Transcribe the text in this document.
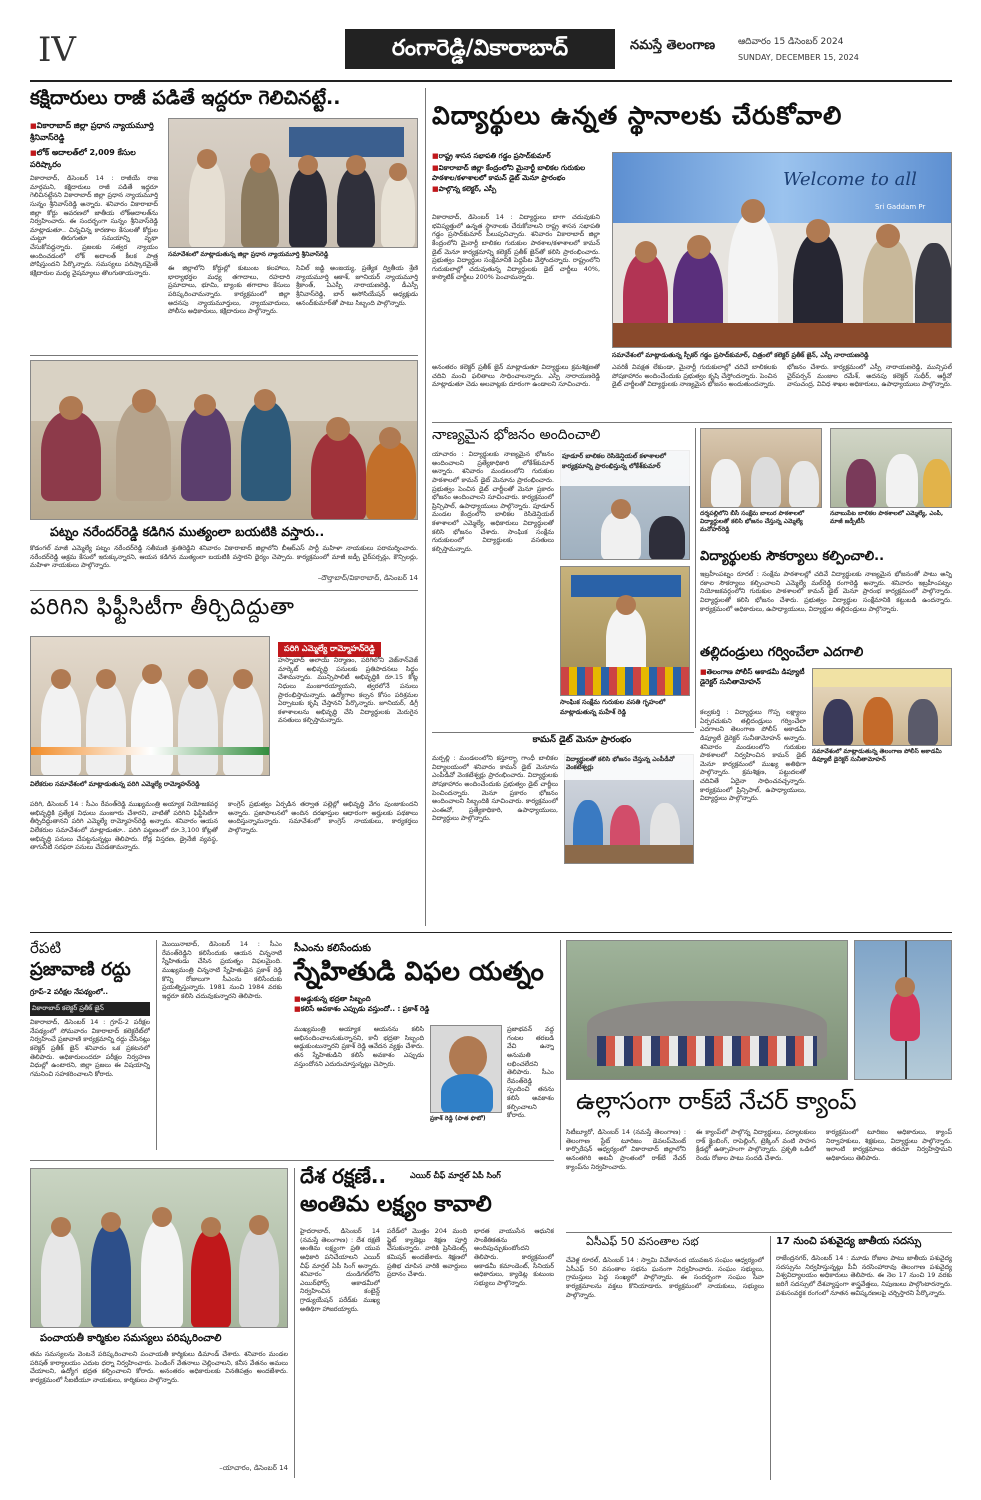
IV	రంగారెడ్డి/వికారాబాద్	నమస్తే తెలంగాణ	ఆదివారం 15 డిసెంబర్ 2024
SUNDAY, DECEMBER 15, 2024
కక్షిదారులు రాజీ పడితే ఇద్దరూ గెలిచినట్టే..
■ వికారాబాద్ జిల్లా ప్రధాన న్యాయమూర్తి శ్రీనివాస్‌రెడ్డి
■ లోక్ అదాలత్‌లో 2,009 కేసుల పరిష్కారం
సమావేశంలో మాట్లాడుతున్న జిల్లా ప్రధాన న్యాయమూర్తి శ్రీనివాస్‌రెడ్డి
వికారాబాద్, డిసెంబర్ 14 : రాజీయే రాజ మార్గమని, కక్షిదారులు రాజీ పడితే ఇద్దరూ గెలిచినట్టేనని వికారాబాద్ జిల్లా ప్రధాన న్యాయమూర్తి సున్నం శ్రీనివాస్‌రెడ్డి అన్నారు. శనివారం వికారాబాద్ జిల్లా కోర్టు ఆవరణలో జాతీయ లోక్‌అదాలత్‌ను నిర్వహించారు. ఈ సందర్భంగా సున్నం శ్రీనివాస్‌రెడ్డి మాట్లాడుతూ.. చిన్నచిన్న కారణాల కేసులతో కోర్టుల చుట్టూ తిరుగుతూ సమయాన్ని వృథా చేసుకోవద్దన్నారు. ప్రజలకు సత్వర న్యాయం అందించడంలో లోక్ అదాలత్ కీలక పాత్ర పోషిస్తుందని పేర్కొన్నారు. సమస్యలు పరిష్కారమైతే కక్షిదారుల మధ్య వైషమ్యాలు తొలగుతాయన్నారు.
ఈ జిల్లాలోని కోర్టుల్లో కుటుంబ కలహాలు, భార్యాభర్తల మధ్య తగాదాలు, రహదారి ప్రమాదాలు, భూమి, బ్యాంకు తగాదాల కేసులు పరిష్కరించామన్నారు. కార్యక్రమంలో జిల్లా అదనపు న్యాయమూర్తులు, న్యాయవాదులు, పోలీసు అధికారులు, కక్షిదారులు పాల్గొన్నారు.
సివిల్ జడ్జి అంజయ్య, ప్రత్యేక ద్వితీయ శ్రేణి న్యాయమూర్తి ఆకాశ్, జూనియర్ న్యాయమూర్తి శ్రీకాంత్, ఏఎస్పీ నారాయణరెడ్డి, డీఎస్పీ శ్రీనివాస్‌రెడ్డి, బార్ అసోసియేషన్ అధ్యక్షుడు ఆనంద్‌కుమార్‌తో పాటు సిబ్బంది పాల్గొన్నారు.
పట్నం నరేందర్‌రెడ్డి కడిగిన ముత్యంలా బయటికి వస్తారు..
కొడంగల్ మాజీ ఎమ్మెల్యే పట్నం నరేందర్‌రెడ్డి సతీమణి శ్రుతిరెడ్డిని శనివారం వికారాబాద్ జిల్లాలోని బీఆర్‌ఎస్ పార్టీ మహిళా నాయకులు పరామర్శించారు. నరేందర్‌రెడ్డి అక్రమ కేసులో ఇరుక్కున్నారని, ఆయన కడిగిన ముత్యంలా బయటికి వస్తారని ధైర్యం చెప్పారు. కార్యక్రమంలో మాజీ జడ్పీ చైర్‌పర్సన్లు, కౌన్సిలర్లు, మహిళా నాయకులు పాల్గొన్నారు.
–దౌల్తాబాద్/వికారాబాద్, డిసెంబర్ 14
పరిగిని ఫిఫ్టీసిటీగా తీర్చిదిద్దుతా
విలేకరుల సమావేశంలో మాట్లాడుతున్న పరిగి ఎమ్మెల్యే రామ్మోహన్‌రెడ్డి
పరిగి ఎమ్మెల్యే రామ్మోహన్‌రెడ్డి
హస్నాబాద్ అలాయ్ నిర్మాణం, పరిగిలోని వెజ్‌నాన్‌వెజ్ మార్కెట్ అభివృద్ధి పనులకు ప్రతిపాదనలు సిద్ధం చేశామన్నారు. మున్సిపాలిటీ అభివృద్ధికి రూ.15 కోట్ల నిధులు మంజూరయ్యాయని, త్వరలోనే పనులు ప్రారంభిస్తామన్నారు. ఉద్యోగాల కల్పన కోసం పరిశ్రమల ఏర్పాటుకు కృషి చేస్తానని పేర్కొన్నారు. జూనియర్, డిగ్రీ కళాశాలలను అభివృద్ధి చేసి విద్యార్థులకు మెరుగైన వసతులు కల్పిస్తామన్నారు.
పరిగి, డిసెంబర్ 14 : సీఎం రేవంత్‌రెడ్డి ముఖ్యమంత్రి అయ్యాక నియోజకవర్గ అభివృద్ధికి ప్రత్యేక నిధులు మంజూరు చేశారని, వాటితో పరిగిని ఫిఫ్టీసిటీగా తీర్చిదిద్దుతానని పరిగి ఎమ్మెల్యే రామ్మోహన్‌రెడ్డి అన్నారు. శనివారం ఆయన విలేకరుల సమావేశంలో మాట్లాడుతూ.. పరిగి పట్టణంలో రూ.3,100 కోట్లతో అభివృద్ధి పనులు చేపట్టనున్నట్లు తెలిపారు. రోడ్ల విస్తరణ, డ్రైనేజీ వ్యవస్థ, తాగునీటి సరఫరా పనులు చేపడతామన్నారు.
కాంగ్రెస్ ప్రభుత్వం ఏర్పడిన తర్వాత పల్లెల్లో అభివృద్ధి వేగం పుంజుకుందని అన్నారు. ప్రజాపాలనలో అందిన దరఖాస్తుల ఆధారంగా అర్హులకు పథకాలు అందిస్తున్నామన్నారు. సమావేశంలో కాంగ్రెస్ నాయకులు, కార్యకర్తలు పాల్గొన్నారు.
విద్యార్థులు ఉన్నత స్థానాలకు చేరుకోవాలి
■ రాష్ట్ర శాసన సభాపతి గడ్డం ప్రసాద్‌కుమార్
■ వికారాబాద్ జిల్లా కేంద్రంలోని మైనార్టీ బాలికల గురుకుల పాఠశాల/కళాశాలలో కామన్ డైట్ మెనూ ప్రారంభం
■ పాల్గొన్న కలెక్టర్, ఎస్పీ	Welcome to all
Sri Gaddam Pr
సమావేశంలో మాట్లాడుతున్న స్పీకర్ గడ్డం ప్రసాద్‌కుమార్, చిత్రంలో కలెక్టర్ ప్రతీక్ జైన్, ఎస్పీ నారాయణరెడ్డి
వికారాబాద్, డిసెంబర్ 14 : విద్యార్థులు బాగా చదువుకుని భవిష్యత్తులో ఉన్నత స్థానాలకు చేరుకోవాలని రాష్ట్ర శాసన సభాపతి గడ్డం ప్రసాద్‌కుమార్ పిలుపునిచ్చారు. శనివారం వికారాబాద్ జిల్లా కేంద్రంలోని మైనార్టీ బాలికల గురుకుల పాఠశాల/కళాశాలలో కామన్ డైట్ మెనూ కార్యక్రమాన్ని కలెక్టర్ ప్రతీక్ జైన్‌తో కలిసి ప్రారంభించారు. ప్రభుత్వం విద్యార్థుల సంక్షేమానికి పెద్దపీట వేస్తోందన్నారు. రాష్ట్రంలోని గురుకులాల్లో చదువుతున్న విద్యార్థులకు డైట్ చార్జీలు 40%, కాస్మొటిక్ చార్జీలు 200% పెంచామన్నారు.
అనంతరం కలెక్టర్ ప్రతీక్ జైన్ మాట్లాడుతూ విద్యార్థులు క్రమశిక్షణతో చదివి మంచి ఫలితాలు సాధించాలన్నారు. ఎస్పీ నారాయణరెడ్డి మాట్లాడుతూ చెడు అలవాట్లకు దూరంగా ఉండాలని సూచించారు.
ఎవరికీ వివక్షత లేకుండా, మైనార్టీ గురుకులాల్లో చదివే బాలికలకు పోషకాహారం అందించేందుకు ప్రభుత్వం కృషి చేస్తోందన్నారు. పెంచిన డైట్ చార్జీలతో విద్యార్థులకు నాణ్యమైన భోజనం అందుతుందన్నారు.
భోజనం చేశారు. కార్యక్రమంలో ఎస్పీ నారాయణరెడ్డి, మున్సిపల్ చైర్‌పర్సన్ మంజుల రమేశ్, అదనపు కలెక్టర్ సుధీర్, ఆర్డీవో వాసుచంద్ర, వివిధ శాఖల అధికారులు, ఉపాధ్యాయులు పాల్గొన్నారు.
నాణ్యమైన భోజనం అందించాలి
పూడూర్ బాలికల రెసిడెన్షియల్ కళాశాలలో కార్యక్రమాన్ని ప్రారంభిస్తున్న లోకేశ్‌కుమార్
సాంఘిక సంక్షేమ గురుకుల వసతి గృహంలో మాట్లాడుతున్న మహేశ్ రెడ్డి
యాచారం : విద్యార్థులకు నాణ్యమైన భోజనం అందించాలని ప్రత్యేకాధికారి లోకేశ్‌కుమార్ అన్నారు. శనివారం మండలంలోని గురుకుల పాఠశాలలో కామన్ డైట్ మెనూను ప్రారంభించారు. ప్రభుత్వం పెంచిన డైట్ చార్జీలతో మెనూ ప్రకారం భోజనం అందించాలని సూచించారు. కార్యక్రమంలో ప్రిన్సిపాల్, ఉపాధ్యాయులు పాల్గొన్నారు. పూడూర్ మండల కేంద్రంలోని బాలికల రెసిడెన్షియల్ కళాశాలలో ఎమ్మెల్యే, అధికారులు విద్యార్థులతో కలిసి భోజనం చేశారు. సాంఘిక సంక్షేమ గురుకులంలో విద్యార్థులకు వసతులు కల్పిస్తామన్నారు.
దర్శపల్లిలోని బీసీ సంక్షేమ బాలుర పాఠశాలలో విద్యార్థులతో కలిసి భోజనం చేస్తున్న ఎమ్మెల్యే మనోహర్‌రెడ్డి
నవాబుపేట బాలికల పాఠశాలలో ఎమ్మెల్యే, ఎంపీ, మాజీ జడ్పీటీసీ
విద్యార్థులకు సౌకర్యాలు కల్పించాలి..
ఇబ్రహీంపట్నం రూరల్ : సంక్షేమ పాఠశాలల్లో చదివే విద్యార్థులకు నాణ్యమైన భోజనంతో పాటు అన్ని రకాల సౌకర్యాలు కల్పించాలని ఎమ్మెల్యే మల్‌రెడ్డి రంగారెడ్డి అన్నారు. శనివారం ఇబ్రహీంపట్నం నియోజకవర్గంలోని గురుకుల పాఠశాలలో కామన్ డైట్ మెనూ ప్రారంభ కార్యక్రమంలో పాల్గొన్నారు. విద్యార్థులతో కలిసి భోజనం చేశారు. ప్రభుత్వం విద్యార్థుల సంక్షేమానికి కట్టుబడి ఉందన్నారు. కార్యక్రమంలో అధికారులు, ఉపాధ్యాయులు, విద్యార్థుల తల్లిదండ్రులు పాల్గొన్నారు.
తల్లిదండ్రులు గర్వించేలా ఎదగాలి
■ తెలంగాణ పోలీస్ అకాడమీ డిప్యూటీ డైరెక్టర్ సునీతామోహన్
సమావేశంలో మాట్లాడుతున్న తెలంగాణ పోలీస్ అకాడమీ డిప్యూటీ డైరెక్టర్ సునీతామోహన్
కల్వకుర్తి : విద్యార్థులు గొప్ప లక్ష్యాలు ఏర్పరచుకుని తల్లిదండ్రులు గర్వించేలా ఎదగాలని తెలంగాణ పోలీస్ అకాడమీ డిప్యూటీ డైరెక్టర్ సునీతామోహన్ అన్నారు. శనివారం మండలంలోని గురుకుల పాఠశాలలో నిర్వహించిన కామన్ డైట్ మెనూ కార్యక్రమంలో ముఖ్య అతిథిగా పాల్గొన్నారు. క్రమశిక్షణ, పట్టుదలతో చదివితే ఏదైనా సాధించవచ్చన్నారు. కార్యక్రమంలో ప్రిన్సిపాల్, ఉపాధ్యాయులు, విద్యార్థులు పాల్గొన్నారు.
కామన్ డైట్ మెనూ ప్రారంభం
విద్యార్థులతో కలిసి భోజనం చేస్తున్న ఎంపీడీవో వెంకటేశ్వర్లు
మర్పల్లి : మండలంలోని కస్తూర్బా గాంధీ బాలికల విద్యాలయంలో శనివారం కామన్ డైట్ మెనూను ఎంపీడీవో వెంకటేశ్వర్లు ప్రారంభించారు. విద్యార్థులకు పోషకాహారం అందించేందుకు ప్రభుత్వం డైట్ చార్జీలు పెంచిందన్నారు. మెనూ ప్రకారం భోజనం అందించాలని సిబ్బందికి సూచించారు. కార్యక్రమంలో ఎంఈవో, ప్రత్యేకాధికారి, ఉపాధ్యాయులు, విద్యార్థులు పాల్గొన్నారు.
రేపటి
ప్రజావాణి రద్దు
గ్రూప్-2 పరీక్షల నేపథ్యంలో..
వికారాబాద్ కలెక్టర్ ప్రతీక్ జైన్
వికారాబాద్, డిసెంబర్ 14 : గ్రూప్-2 పరీక్షల నేపథ్యంలో సోమవారం వికారాబాద్ కలెక్టరేట్‌లో నిర్వహించే ప్రజావాణి కార్యక్రమాన్ని రద్దు చేసినట్లు కలెక్టర్ ప్రతీక్ జైన్ శనివారం ఒక ప్రకటనలో తెలిపారు. అధికారులందరూ పరీక్షల నిర్వహణ విధుల్లో ఉంటారని, జిల్లా ప్రజలు ఈ విషయాన్ని గమనించి సహకరించాలని కోరారు.
మొయినాబాద్, డిసెంబర్ 14 : సీఎం రేవంత్‌రెడ్డిని కలిసేందుకు ఆయన చిన్ననాటి స్నేహితుడు చేసిన ప్రయత్నం విఫలమైంది. ముఖ్యమంత్రి చిన్ననాటి స్నేహితుడైన ప్రకాశ్ రెడ్డి కొన్ని రోజులుగా సీఎంను కలిసేందుకు ప్రయత్నిస్తున్నారు. 1981 నుంచి 1984 వరకు ఇద్దరూ కలిసి చదువుకున్నారని తెలిపారు.
సీఎంను కలిసేందుకు
స్నేహితుడి విఫల యత్నం
■ అడ్డుకున్న భద్రతా సిబ్బంది
■ కలిసే అవకాశం ఎప్పుడు వస్తుందో.. : ప్రకాశ్ రెడ్డి
ముఖ్యమంత్రి అయ్యాక ఆయనను కలిసి అభినందించాలనుకున్నానని, కానీ భద్రతా సిబ్బంది అడ్డుకుంటున్నారని ప్రకాశ్ రెడ్డి ఆవేదన వ్యక్తం చేశారు. తన స్నేహితుడిని కలిసే అవకాశం ఎప్పుడు వస్తుందోనని ఎదురుచూస్తున్నట్లు చెప్పారు.
ప్రకాశ్ రెడ్డి (పాత ఫొటో)
ప్రజాభవన్ వద్ద గంటల తరబడి వేచి ఉన్నా అనుమతి లభించలేదని తెలిపారు. సీఎం రేవంత్‌రెడ్డి స్పందించి తనను కలిసే అవకాశం కల్పించాలని కోరారు.
ఉల్లాసంగా రాక్‌బే నేచర్ క్యాంప్
సిటీబ్యూరో, డిసెంబర్ 14 (నమస్తే తెలంగాణ) : తెలంగాణ స్టేట్ టూరిజం డెవలప్‌మెంట్ కార్పొరేషన్ ఆధ్వర్యంలో వికారాబాద్ జిల్లాలోని అనంతగిరి అటవీ ప్రాంతంలో రాక్‌బే నేచర్ క్యాంప్‌ను నిర్వహించారు.
ఈ క్యాంప్‌లో పాల్గొన్న విద్యార్థులు, పర్యాటకులు రాక్ క్లైంబింగ్, రాపెల్లింగ్, ట్రెక్కింగ్ వంటి సాహస క్రీడల్లో ఉత్సాహంగా పాల్గొన్నారు. ప్రకృతి ఒడిలో రెండు రోజుల పాటు సందడి చేశారు.
కార్యక్రమంలో టూరిజం అధికారులు, క్యాంప్ నిర్వాహకులు, శిక్షకులు, విద్యార్థులు పాల్గొన్నారు. ఇలాంటి కార్యక్రమాలు తరచూ నిర్వహిస్తామని అధికారులు తెలిపారు.
పంచాయతీ కార్మికుల సమస్యలు పరిష్కరించాలి
తమ సమస్యలను వెంటనే పరిష్కరించాలని పంచాయతీ కార్మికులు డిమాండ్ చేశారు. శనివారం మండల పరిషత్ కార్యాలయం ఎదుట ధర్నా నిర్వహించారు. పెండింగ్ వేతనాలు చెల్లించాలని, కనీస వేతనం అమలు చేయాలని, ఉద్యోగ భద్రత కల్పించాలని కోరారు. అనంతరం అధికారులకు వినతిపత్రం అందజేశారు. కార్యక్రమంలో సీఐటీయూ నాయకులు, కార్మికులు పాల్గొన్నారు.
–యాచారం, డిసెంబర్ 14
దేశ రక్షణే..	ఎయిర్ చీఫ్ మార్షల్ ఏపీ సింగ్
అంతిమ లక్ష్యం కావాలి
హైదరాబాద్, డిసెంబర్ 14 (నమస్తే తెలంగాణ) : దేశ రక్షణే అంతిమ లక్ష్యంగా ప్రతి యువ అధికారి పనిచేయాలని ఎయిర్ చీఫ్ మార్షల్ ఏపీ సింగ్ అన్నారు. శనివారం దుండిగల్‌లోని ఎయిర్‌ఫోర్స్ అకాడమీలో నిర్వహించిన కంబైన్డ్ గ్రాడ్యుయేషన్ పరేడ్‌కు ముఖ్య అతిథిగా హాజరయ్యారు.
పరేడ్‌లో మొత్తం 204 మంది ఫ్లైట్ క్యాడెట్లు శిక్షణ పూర్తి చేసుకున్నారు. వారికి ప్రెసిడెంట్స్ కమిషన్ అందజేశారు. శిక్షణలో ప్రతిభ చూపిన వారికి అవార్డులు ప్రదానం చేశారు.
భారత వాయుసేన ఆధునిక సాంకేతికతను అందిపుచ్చుకుంటోందని తెలిపారు. కార్యక్రమంలో అకాడమీ కమాండెంట్, సీనియర్ అధికారులు, క్యాడెట్ల కుటుంబ సభ్యులు పాల్గొన్నారు.
ఏసీఎఫ్ 50 వసంతాల సభ
చేవెళ్ల రూరల్, డిసెంబర్ 14 : స్వామి వివేకానంద యువజన సంఘం ఆధ్వర్యంలో ఏసీఎఫ్ 50 వసంతాల సభను ఘనంగా నిర్వహించారు. సంఘం సభ్యులు, గ్రామస్తులు పెద్ద సంఖ్యలో పాల్గొన్నారు. ఈ సందర్భంగా సంఘం సేవా కార్యక్రమాలను వక్తలు కొనియాడారు. కార్యక్రమంలో నాయకులు, సభ్యులు పాల్గొన్నారు.
17 నుంచి పశువైద్య జాతీయ సదస్సు
రాజేంద్రనగర్, డిసెంబర్ 14 : మూడు రోజుల పాటు జాతీయ పశువైద్య సదస్సును నిర్వహిస్తున్నట్లు పీవీ నరసింహారావు తెలంగాణ పశువైద్య విశ్వవిద్యాలయం అధికారులు తెలిపారు. ఈ నెల 17 నుంచి 19 వరకు జరిగే సదస్సులో దేశవ్యాప్తంగా శాస్త్రవేత్తలు, నిపుణులు పాల్గొంటారన్నారు. పశుసంవర్ధక రంగంలో నూతన ఆవిష్కరణలపై చర్చిస్తారని పేర్కొన్నారు.
